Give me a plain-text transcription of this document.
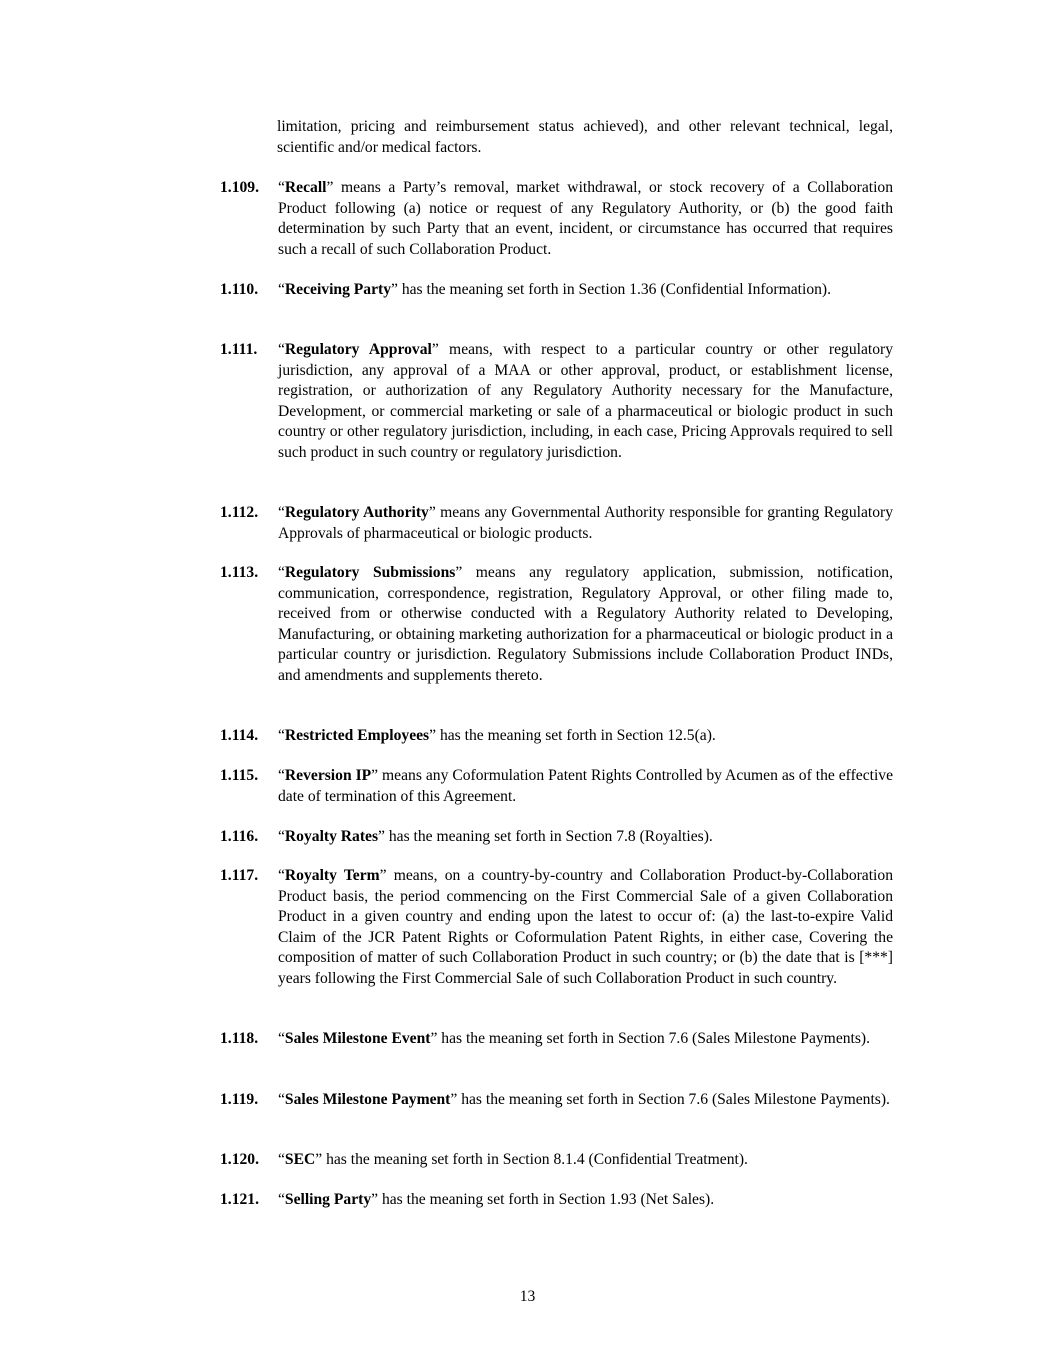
limitation, pricing and reimbursement status achieved), and other relevant technical, legal, scientific and/or medical factors.

1.109. “Recall” means a Party’s removal, market withdrawal, or stock recovery of a Collaboration Product following (a) notice or request of any Regulatory Authority, or (b) the good faith determination by such Party that an event, incident, or circumstance has occurred that requires such a recall of such Collaboration Product.
1.110. “Receiving Party” has the meaning set forth in Section 1.36 (Confidential Information).
1.111. “Regulatory Approval” means, with respect to a particular country or other regulatory jurisdiction, any approval of a MAA or other approval, product, or establishment license, registration, or authorization of any Regulatory Authority necessary for the Manufacture, Development, or commercial marketing or sale of a pharmaceutical or biologic product in such country or other regulatory jurisdiction, including, in each case, Pricing Approvals required to sell such product in such country or regulatory jurisdiction.
1.112. “Regulatory Authority” means any Governmental Authority responsible for granting Regulatory Approvals of pharmaceutical or biologic products.
1.113. “Regulatory Submissions” means any regulatory application, submission, notification, communication, correspondence, registration, Regulatory Approval, or other filing made to, received from or otherwise conducted with a Regulatory Authority related to Developing, Manufacturing, or obtaining marketing authorization for a pharmaceutical or biologic product in a particular country or jurisdiction. Regulatory Submissions include Collaboration Product INDs, and amendments and supplements thereto.
1.114. “Restricted Employees” has the meaning set forth in Section 12.5(a).
1.115. “Reversion IP” means any Coformulation Patent Rights Controlled by Acumen as of the effective date of termination of this Agreement.
1.116. “Royalty Rates” has the meaning set forth in Section 7.8 (Royalties).
1.117. “Royalty Term” means, on a country-by-country and Collaboration Product-by-Collaboration Product basis, the period commencing on the First Commercial Sale of a given Collaboration Product in a given country and ending upon the latest to occur of: (a) the last-to-expire Valid Claim of the JCR Patent Rights or Coformulation Patent Rights, in either case, Covering the composition of matter of such Collaboration Product in such country; or (b) the date that is [***] years following the First Commercial Sale of such Collaboration Product in such country.
1.118. “Sales Milestone Event” has the meaning set forth in Section 7.6 (Sales Milestone Payments).
1.119. “Sales Milestone Payment” has the meaning set forth in Section 7.6 (Sales Milestone Payments).
1.120. “SEC” has the meaning set forth in Section 8.1.4 (Confidential Treatment).
1.121. “Selling Party” has the meaning set forth in Section 1.93 (Net Sales).
13
